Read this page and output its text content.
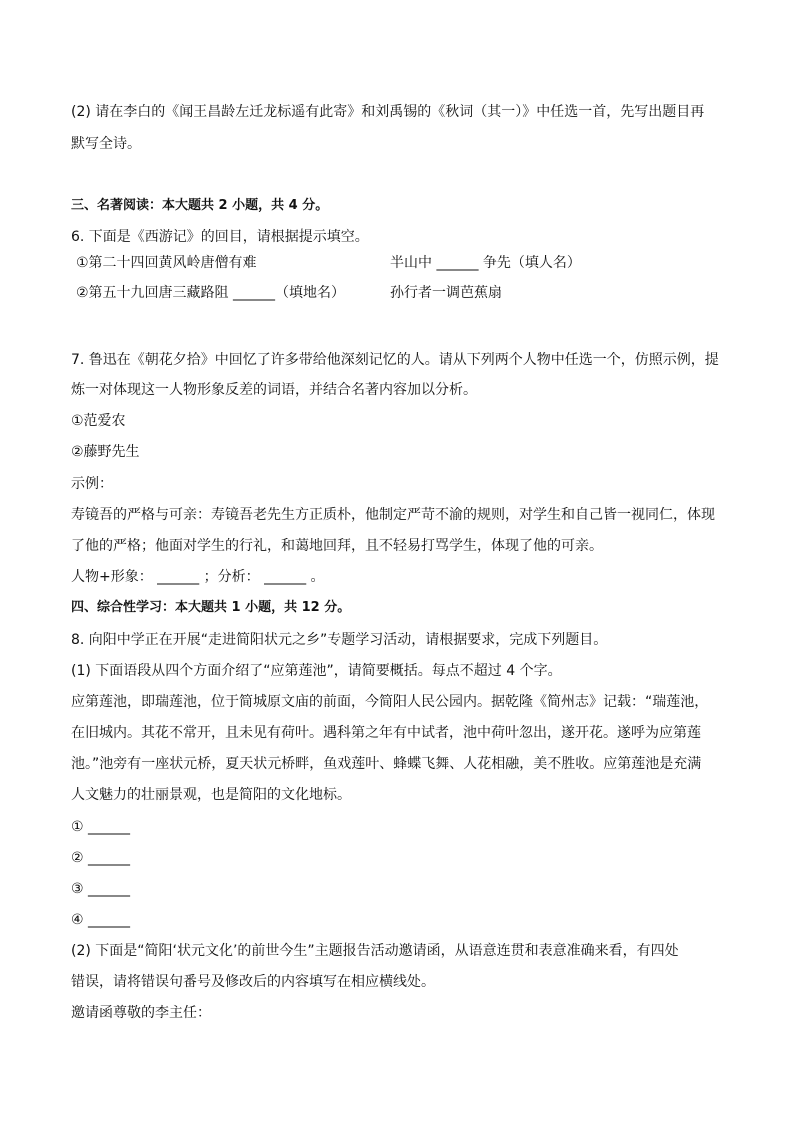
(2) 请在李白的《闻王昌龄左迁龙标遥有此寄》和刘禹锡的《秋词（其一）》中任选一首，先写出题目再
默写全诗。
三、名著阅读：本大题共 2 小题，共 4 分。
6. 下面是《西游记》的回目，请根据提示填空。
①第二十四回黄风岭唐僧有难	半山中 ______ 争先（填人名）
②第五十九回唐三藏路阻 ______（填地名）	孙行者一调芭蕉扇
7. 鲁迅在《朝花夕拾》中回忆了许多带给他深刻记忆的人。请从下列两个人物中任选一个，仿照示例，提
炼一对体现这一人物形象反差的词语，并结合名著内容加以分析。
①范爱农
②藤野先生
示例：
寿镜吾的严格与可亲：寿镜吾老先生方正质朴，他制定严苛不渝的规则，对学生和自己皆一视同仁，体现
了他的严格；他面对学生的行礼，和蔼地回拜，且不轻易打骂学生，体现了他的可亲。
人物+形象： ______ ；分析： ______ 。
四、综合性学习：本大题共 1 小题，共 12 分。
8. 向阳中学正在开展“走进简阳状元之乡”专题学习活动，请根据要求，完成下列题目。
(1) 下面语段从四个方面介绍了“应第莲池”，请简要概括。每点不超过 4 个字。
应第莲池，即瑞莲池，位于简城原文庙的前面，今简阳人民公园内。据乾隆《简州志》记载：“瑞莲池，
在旧城内。其花不常开，且未见有荷叶。遇科第之年有中试者，池中荷叶忽出，遂开花。遂呼为应第莲
池。”池旁有一座状元桥，夏天状元桥畔，鱼戏莲叶、蜂蝶飞舞、人花相融，美不胜收。应第莲池是充满
人文魅力的壮丽景观，也是简阳的文化地标。
① ______
② ______
③ ______
④ ______
(2) 下面是“简阳‘状元文化’的前世今生”主题报告活动邀请函，从语意连贯和表意准确来看，有四处
错误，请将错误句番号及修改后的内容填写在相应横线处。
邀请函尊敬的李主任：
